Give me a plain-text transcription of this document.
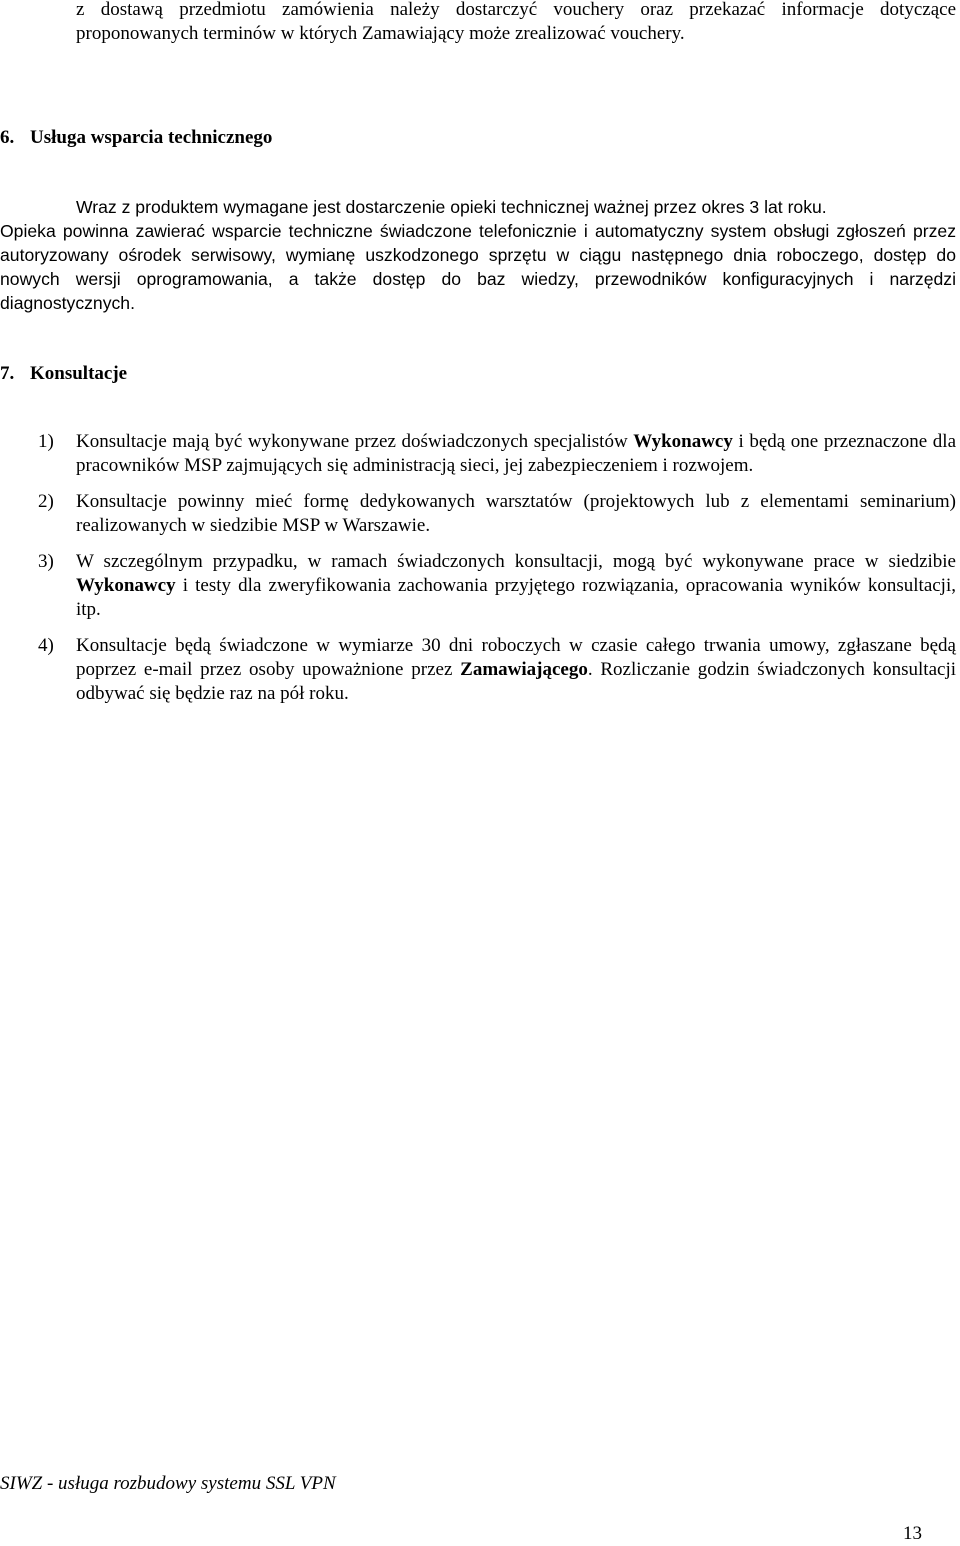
z dostawą przedmiotu zamówienia należy dostarczyć vouchery oraz przekazać informacje dotyczące proponowanych terminów w których Zamawiający może zrealizować vouchery.

6. Usługa wsparcia technicznego

Wraz z produktem wymagane jest dostarczenie opieki technicznej ważnej przez okres 3 lat roku.

Opieka powinna zawierać wsparcie techniczne świadczone telefonicznie i automatyczny system obsługi zgłoszeń przez autoryzowany ośrodek serwisowy, wymianę uszkodzonego sprzętu w ciągu następnego dnia roboczego, dostęp do nowych wersji oprogramowania, a także dostęp do baz wiedzy, przewodników konfiguracyjnych i narzędzi diagnostycznych.

7. Konsultacje
1) Konsultacje mają być wykonywane przez doświadczonych specjalistów Wykonawcy i będą one przeznaczone dla pracowników MSP zajmujących się administracją sieci, jej zabezpieczeniem i rozwojem.
2) Konsultacje powinny mieć formę dedykowanych warsztatów (projektowych lub z elementami seminarium) realizowanych w siedzibie MSP w Warszawie.
3) W szczególnym przypadku, w ramach świadczonych konsultacji, mogą być wykonywane prace w siedzibie Wykonawcy i testy dla zweryfikowania zachowania przyjętego rozwiązania, opracowania wyników konsultacji, itp.
4) Konsultacje będą świadczone w wymiarze 30 dni roboczych w czasie całego trwania umowy, zgłaszane będą poprzez e-mail przez osoby upoważnione przez Zamawiającego. Rozliczanie godzin świadczonych konsultacji odbywać się będzie raz na pół roku.

SIWZ - usługa rozbudowy systemu SSL VPN

13
